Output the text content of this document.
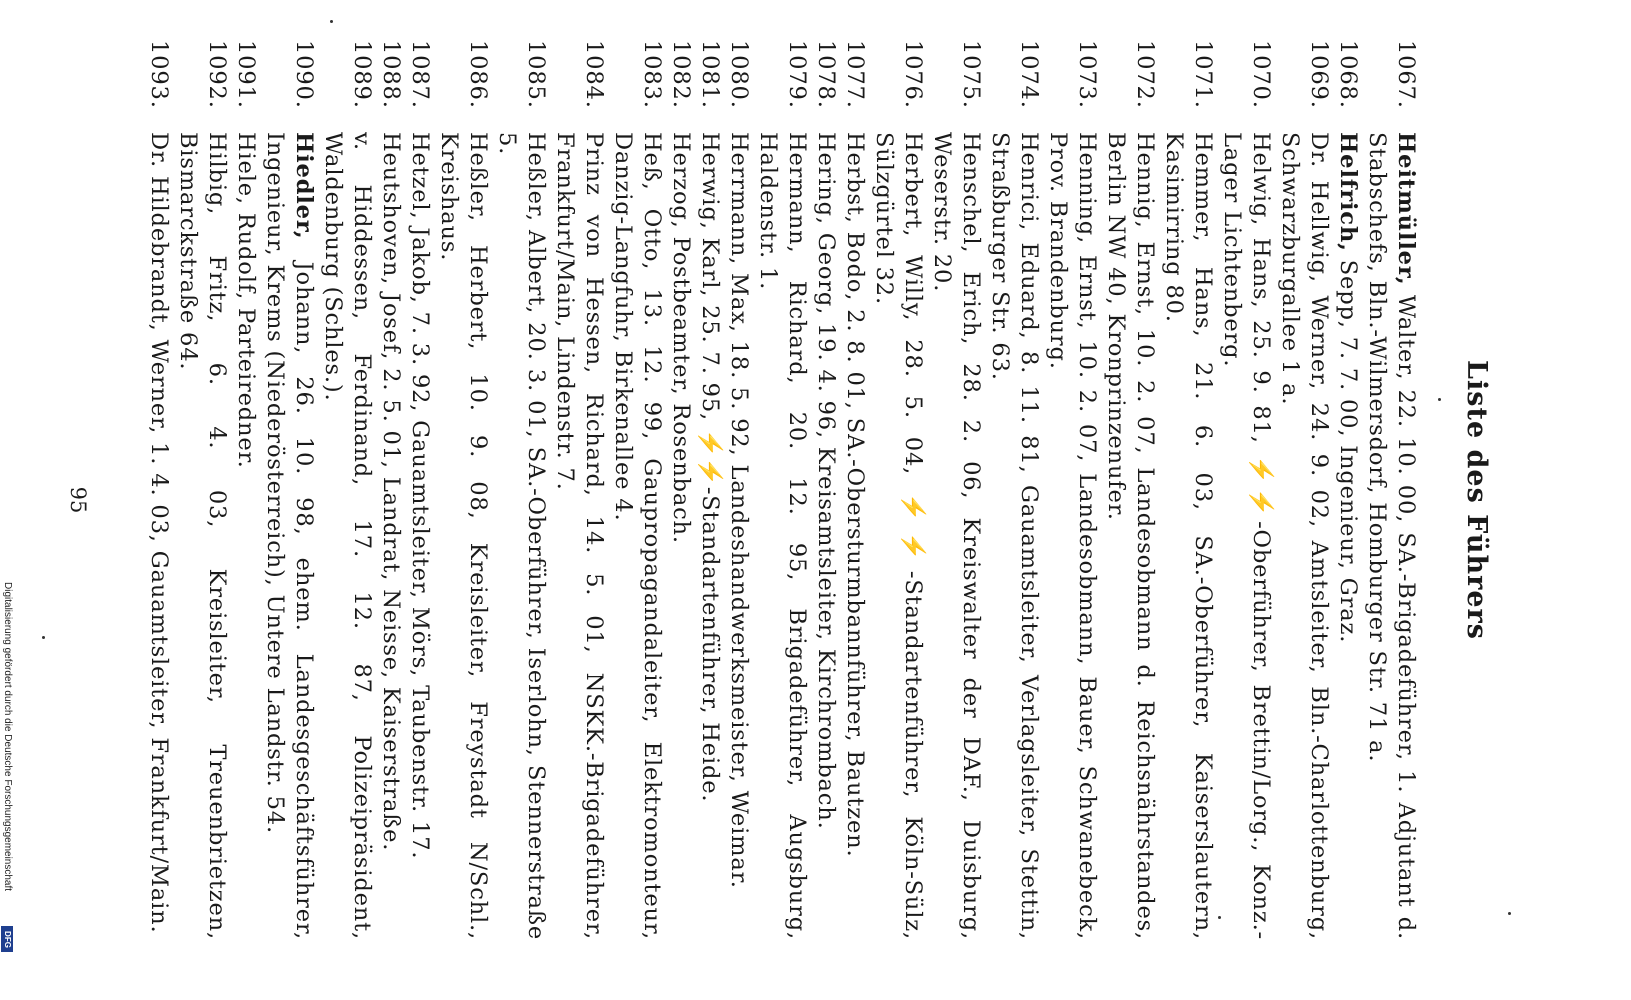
Liste des Führers
1067.
Heitmüller, Walter, 22. 10. 00, SA.-Brigadeführer, 1. Adjutant d. Stabschefs, Bln.-Wilmersdorf, Homburger Str. 71 a.
1068.
Helfrich, Sepp, 7. 7. 00, Ingenieur, Graz.
1069.
Dr. Hellwig, Werner, 24. 9. 02, Amtsleiter, Bln.-Charlottenburg, Schwarzburgallee 1 a.
1070.
Helwig, Hans, 25. 9. 81, ⚡⚡-Oberführer, Brettin/Lorg., Konz.-Lager Lichtenberg.
1071.
Hemmer, Hans, 21. 6. 03, SA.-Oberführer, Kaiserslautern, Kasimirring 80.
1072.
Hennig, Ernst, 10. 2. 07, Landesobmann d. Reichsnährstandes, Berlin NW 40, Kronprinzenufer.
1073.
Henning, Ernst, 10. 2. 07, Landesobmann, Bauer, Schwanebeck, Prov. Brandenburg.
1074.
Henrici, Eduard, 8. 11. 81, Gauamtsleiter, Verlagsleiter, Stettin, Straßburger Str. 63.
1075.
Henschel, Erich, 28. 2. 06, Kreiswalter der DAF., Duisburg, Weserstr. 20.
1076.
Herbert, Willy, 28. 5. 04, ⚡⚡-Standartenführer, Köln-Sülz, Sülzgürtel 32.
1077.
Herbst, Bodo, 2. 8. 01, SA.-Obersturmbannführer, Bautzen.
1078.
Hering, Georg, 19. 4. 96, Kreisamtsleiter, Kirchrombach.
1079.
Hermann, Richard, 20. 12. 95, Brigadeführer, Augsburg, Haldenstr. 1.
1080.
Herrmann, Max, 18. 5. 92, Landeshandwerksmeister, Weimar.
1081.
Herwig, Karl, 25. 7. 95, ⚡⚡-Standartenführer, Heide.
1082.
Herzog, Postbeamter, Rosenbach.
1083.
Heß, Otto, 13. 12. 99, Gaupropagandaleiter, Elektromonteur, Danzig-Langfuhr, Birkenallee 4.
1084.
Prinz von Hessen, Richard, 14. 5. 01, NSKK.-Brigadeführer, Frankfurt/Main, Lindenstr. 7.
1085.
Heßler, Albert, 20. 3. 01, SA.-Oberführer, Iserlohn, Stennerstraße 5.
1086.
Heßler, Herbert, 10. 9. 08, Kreisleiter, Freystadt N/Schl., Kreishaus.
1087.
Hetzel, Jakob, 7. 3. 92, Gauamtsleiter, Mörs, Taubenstr. 17.
1088.
Heutshoven, Josef, 2. 5. 01, Landrat, Neisse, Kaiserstraße.
1089.
v. Hiddessen, Ferdinand, 17. 12. 87, Polizeipräsident, Waldenburg (Schles.).
1090.
Hiedler, Johann, 26. 10. 98, ehem. Landesgeschäftsführer, Ingenieur, Krems (Niederösterreich), Untere Landstr. 54.
1091.
Hiele, Rudolf, Parteiredner.
1092.
Hilbig, Fritz, 6. 4. 03, Kreisleiter, Treuenbrietzen, Bismarckstraße 64.
1093.
Dr. Hildebrandt, Werner, 1. 4. 03, Gauamtsleiter, Frankfurt/Main.
95
Digitalisierung gefördert durch die Deutsche Forschungsgemeinschaft
DFG
